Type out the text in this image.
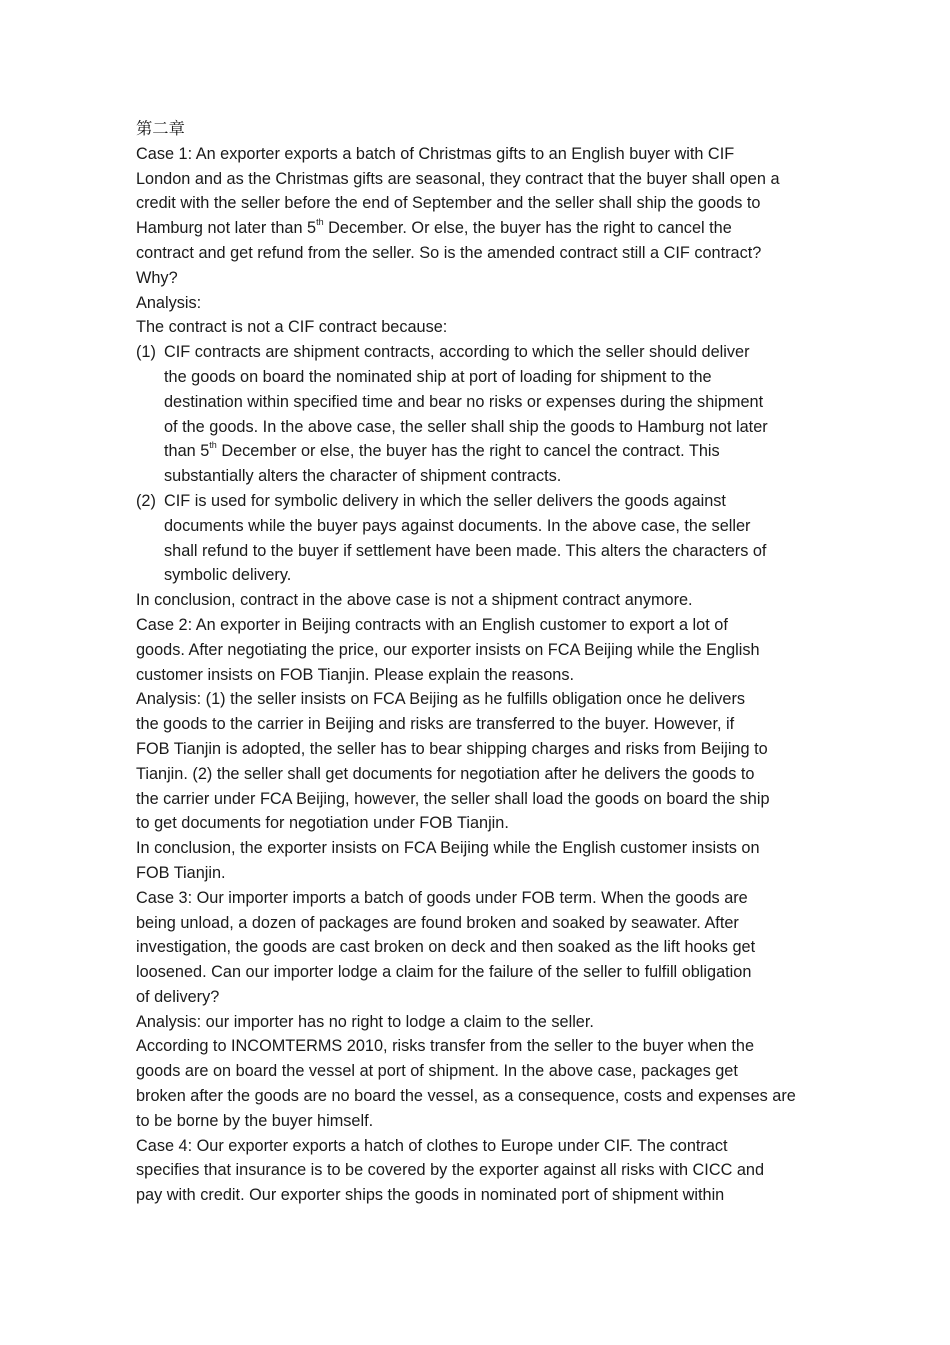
第二章
Case 1: An exporter exports a batch of Christmas gifts to an English buyer with CIF
London and as the Christmas gifts are seasonal, they contract that the buyer shall open a
credit with the seller before the end of September and the seller shall ship the goods to
Hamburg not later than 5th December. Or else, the buyer has the right to cancel the
contract and get refund from the seller. So is the amended contract still a CIF contract?
Why?
Analysis:
The contract is not a CIF contract because:
(1) CIF contracts are shipment contracts, according to which the seller should deliver
the goods on board the nominated ship at port of loading for shipment to the
destination within specified time and bear no risks or expenses during the shipment
of the goods. In the above case, the seller shall ship the goods to Hamburg not later
than 5th December or else, the buyer has the right to cancel the contract. This
substantially alters the character of shipment contracts.
(2) CIF is used for symbolic delivery in which the seller delivers the goods against
documents while the buyer pays against documents. In the above case, the seller
shall refund to the buyer if settlement have been made. This alters the characters of
symbolic delivery.
In conclusion, contract in the above case is not a shipment contract anymore.
Case 2: An exporter in Beijing contracts with an English customer to export a lot of
goods. After negotiating the price, our exporter insists on FCA Beijing while the English
customer insists on FOB Tianjin. Please explain the reasons.
Analysis: (1) the seller insists on FCA Beijing as he fulfills obligation once he delivers
the goods to the carrier in Beijing and risks are transferred to the buyer. However, if
FOB Tianjin is adopted, the seller has to bear shipping charges and risks from Beijing to
Tianjin. (2) the seller shall get documents for negotiation after he delivers the goods to
the carrier under FCA Beijing, however, the seller shall load the goods on board the ship
to get documents for negotiation under FOB Tianjin.
In conclusion, the exporter insists on FCA Beijing while the English customer insists on
FOB Tianjin.
Case 3: Our importer imports a batch of goods under FOB term. When the goods are
being unload, a dozen of packages are found broken and soaked by seawater. After
investigation, the goods are cast broken on deck and then soaked as the lift hooks get
loosened. Can our importer lodge a claim for the failure of the seller to fulfill obligation
of delivery?
Analysis: our importer has no right to lodge a claim to the seller.
According to INCOMTERMS 2010, risks transfer from the seller to the buyer when the
goods are on board the vessel at port of shipment. In the above case, packages get
broken after the goods are no board the vessel, as a consequence, costs and expenses are
to be borne by the buyer himself.
Case 4: Our exporter exports a hatch of clothes to Europe under CIF. The contract
specifies that insurance is to be covered by the exporter against all risks with CICC and
pay with credit. Our exporter ships the goods in nominated port of shipment within
